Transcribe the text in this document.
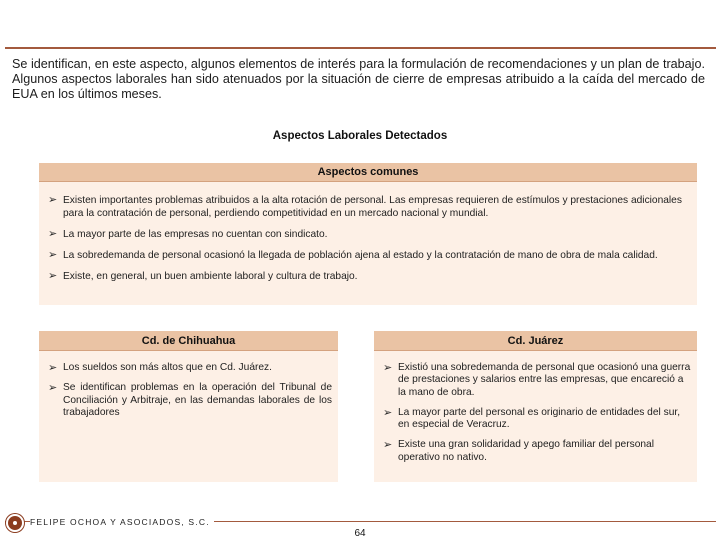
Se identifican, en este aspecto, algunos elementos de interés para la formulación de recomendaciones y un plan de trabajo. Algunos aspectos laborales han sido atenuados por la situación de cierre de empresas atribuido a la caída del mercado de EUA en los últimos meses.

Aspectos Laborales Detectados
Aspectos comunes
➢ Existen importantes problemas atribuidos a la alta rotación de personal. Las empresas requieren de estímulos y prestaciones adicionales para la contratación de personal, perdiendo competitividad en un mercado nacional y mundial.
➢ La mayor parte de las empresas no cuentan con sindicato.
➢ La sobredemanda de personal ocasionó la llegada de población ajena al estado y la contratación de mano de obra de mala calidad.
➢ Existe, en general, un buen ambiente laboral y cultura de trabajo.
Cd. de Chihuahua
➢ Los sueldos son más altos que en Cd. Juárez.
➢ Se identifican problemas en la operación del Tribunal de Conciliación y Arbitraje, en las demandas laborales de los trabajadores
Cd. Juárez
➢ Existió una sobredemanda de personal que ocasionó una guerra de prestaciones y salarios entre las empresas, que encareció a la mano de obra.
➢ La mayor parte del personal es originario de entidades del sur, en especial de Veracruz.
➢ Existe una gran solidaridad y apego familiar del personal operativo no nativo.
FELIPE OCHOA Y ASOCIADOS, S.C.
64
